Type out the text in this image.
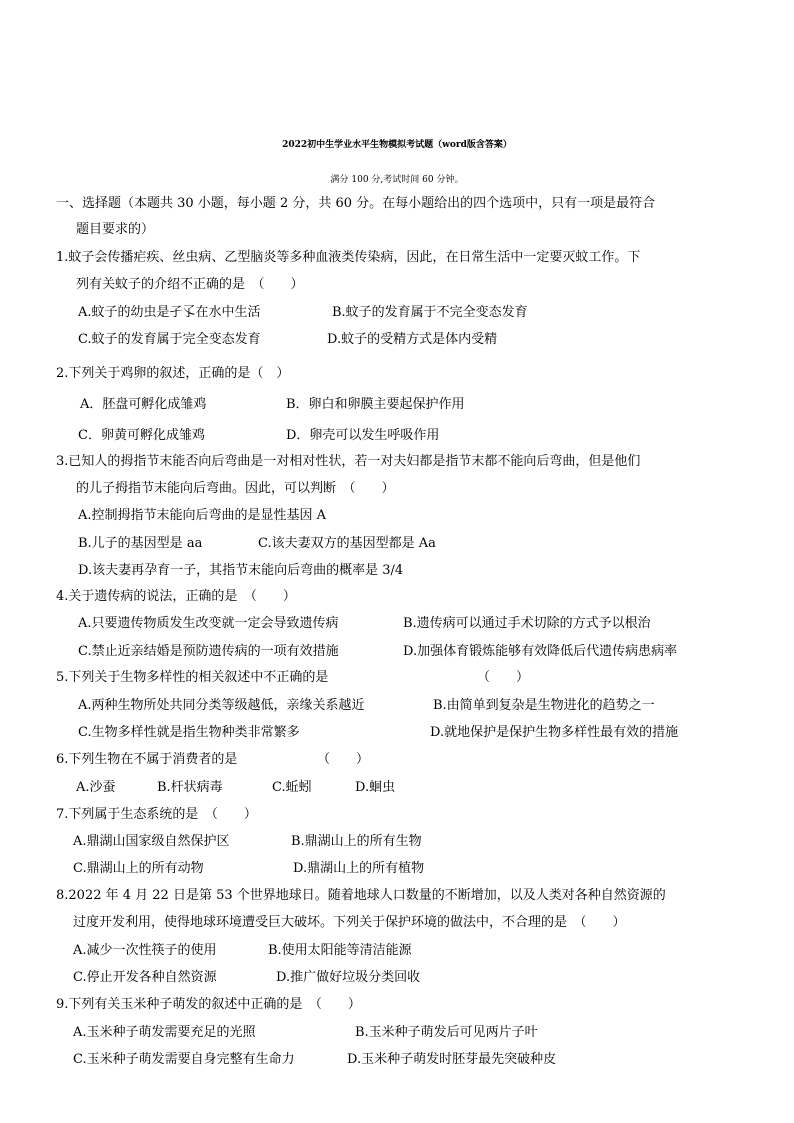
2022初中生学业水平生物模拟考试题（word版含答案）
满分 100 分,考试时间 60 分钟。
一、选择题（本题共 30 小题，每小题 2 分，共 60 分。在每小题给出的四个选项中，只有一项是最符合
题目要求的）
1.蚊子会传播疟疾、丝虫病、乙型脑炎等多种血液类传染病，因此，在日常生活中一定要灭蚊工作。下
列有关蚊子的介绍不正确的是　（　　）
A.蚊子的幼虫是孑孓在水中生活	B.蚊子的发育属于不完全变态发育
C.蚊子的发育属于完全变态发育	D.蚊子的受精方式是体内受精
2.下列关于鸡卵的叙述，正确的是（　）
A．胚盘可孵化成雏鸡	B．卵白和卵膜主要起保护作用
C．卵黄可孵化成雏鸡	D．卵壳可以发生呼吸作用
3.已知人的拇指节末能否向后弯曲是一对相对性状，若一对夫妇都是指节末都不能向后弯曲，但是他们
的儿子拇指节末能向后弯曲。因此，可以判断　（　　）
A.控制拇指节末能向后弯曲的是显性基因 A
B.儿子的基因型是 aa	C.该夫妻双方的基因型都是 Aa
D.该夫妻再孕育一子，其指节末能向后弯曲的概率是 3/4
4.关于遗传病的说法，正确的是　（　　）
A.只要遗传物质发生改变就一定会导致遗传病	B.遗传病可以通过手术切除的方式予以根治
C.禁止近亲结婚是预防遗传病的一项有效措施	D.加强体育锻炼能够有效降低后代遗传病患病率
5.下列关于生物多样性的相关叙述中不正确的是	（　　）
A.两种生物所处共同分类等级越低，亲缘关系越近	B.由简单到复杂是生物进化的趋势之一
C.生物多样性就是指生物种类非常繁多	D.就地保护是保护生物多样性最有效的措施
6.下列生物在不属于消费者的是	（　　）
A.沙蚕	B.杆状病毒	C.蚯蚓	D.蛔虫
7.下列属于生态系统的是　（　　）
A.鼎湖山国家级自然保护区	B.鼎湖山上的所有生物
C.鼎湖山上的所有动物	D.鼎湖山上的所有植物
8.2022 年 4 月 22 日是第 53 个世界地球日。随着地球人口数量的不断增加，以及人类对各种自然资源的
过度开发利用，使得地球环境遭受巨大破坏。下列关于保护环境的做法中，不合理的是　（　　）
A.减少一次性筷子的使用	B.使用太阳能等清洁能源
C.停止开发各种自然资源	D.推广做好垃圾分类回收
9.下列有关玉米种子萌发的叙述中正确的是　（　　）
A.玉米种子萌发需要充足的光照	B.玉米种子萌发后可见两片子叶
C.玉米种子萌发需要自身完整有生命力	D.玉米种子萌发时胚芽最先突破种皮
